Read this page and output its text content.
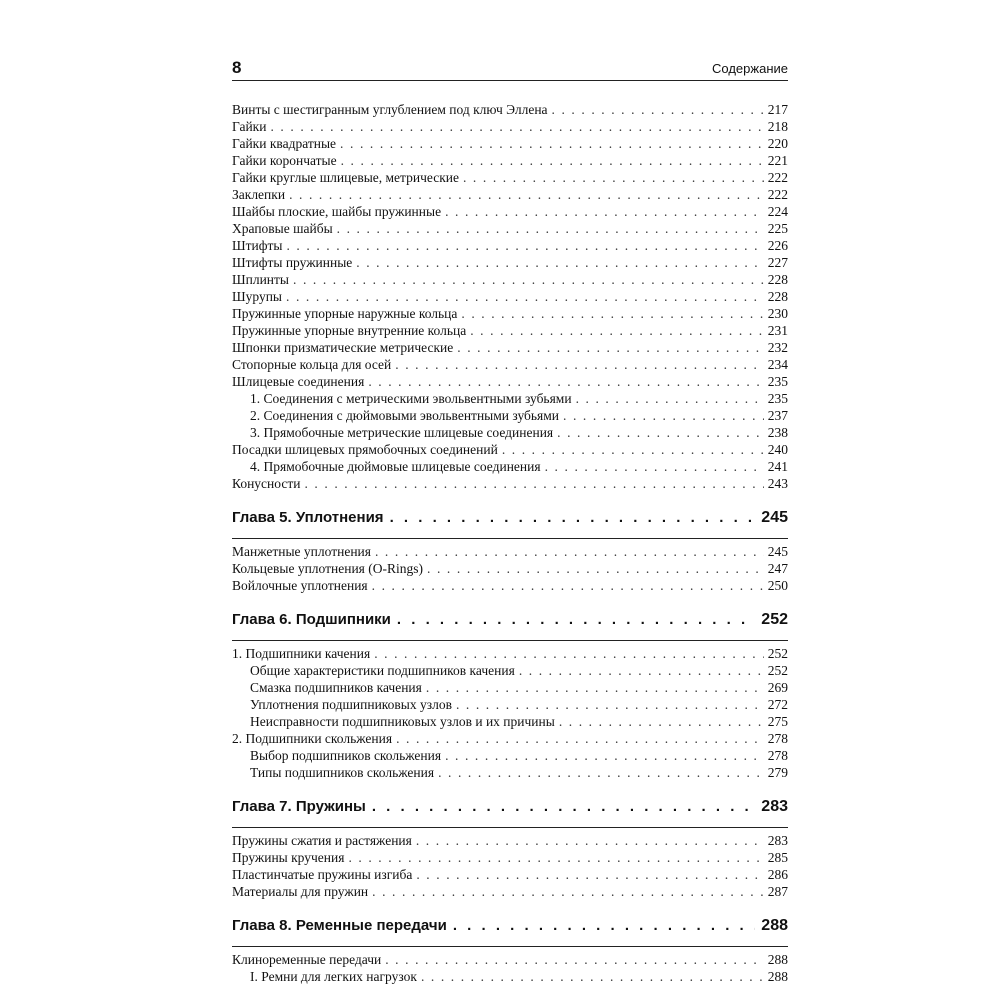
8	Содержание
Винты с шестигранным углублением под ключ Эллена . . .	217
Гайки . . .	218
Гайки квадратные . . .	220
Гайки корончатые . . .	221
Гайки круглые шлицевые, метрические . . .	222
Заклепки . . .	222
Шайбы плоские, шайбы пружинные . . .	224
Храповые шайбы . . .	225
Штифты . . .	226
Штифты пружинные . . .	227
Шплинты . . .	228
Шурупы . . .	228
Пружинные упорные наружные кольца . . .	230
Пружинные упорные внутренние кольца . . .	231
Шпонки призматические метрические . . .	232
Стопорные кольца для осей . . .	234
Шлицевые соединения . . .	235
1. Соединения с метрическими эвольвентными зубьями . . .	235
2. Соединения с дюймовыми эвольвентными зубьями . . .	237
3. Прямобочные метрические шлицевые соединения . . .	238
Посадки шлицевых прямобочных соединений . . .	240
4. Прямобочные дюймовые шлицевые соединения . . .	241
Конусности . . .	243
Глава 5. Уплотнения . . .	245
Манжетные уплотнения . . .	245
Кольцевые уплотнения (O-Rings) . . .	247
Войлочные уплотнения . . .	250
Глава 6. Подшипники . . .	252
1. Подшипники качения . . .	252
Общие характеристики подшипников качения . . .	252
Смазка подшипников качения . . .	269
Уплотнения подшипниковых узлов . . .	272
Неисправности подшипниковых узлов и их причины . . .	275
2. Подшипники скольжения . . .	278
Выбор подшипников скольжения . . .	278
Типы подшипников скольжения . . .	279
Глава 7. Пружины . . .	283
Пружины сжатия и растяжения . . .	283
Пружины кручения . . .	285
Пластинчатые пружины изгиба . . .	286
Материалы для пружин . . .	287
Глава 8. Ременные передачи . . .	288
Клиноременные передачи . . .	288
I. Ремни для легких нагрузок . . .	288
